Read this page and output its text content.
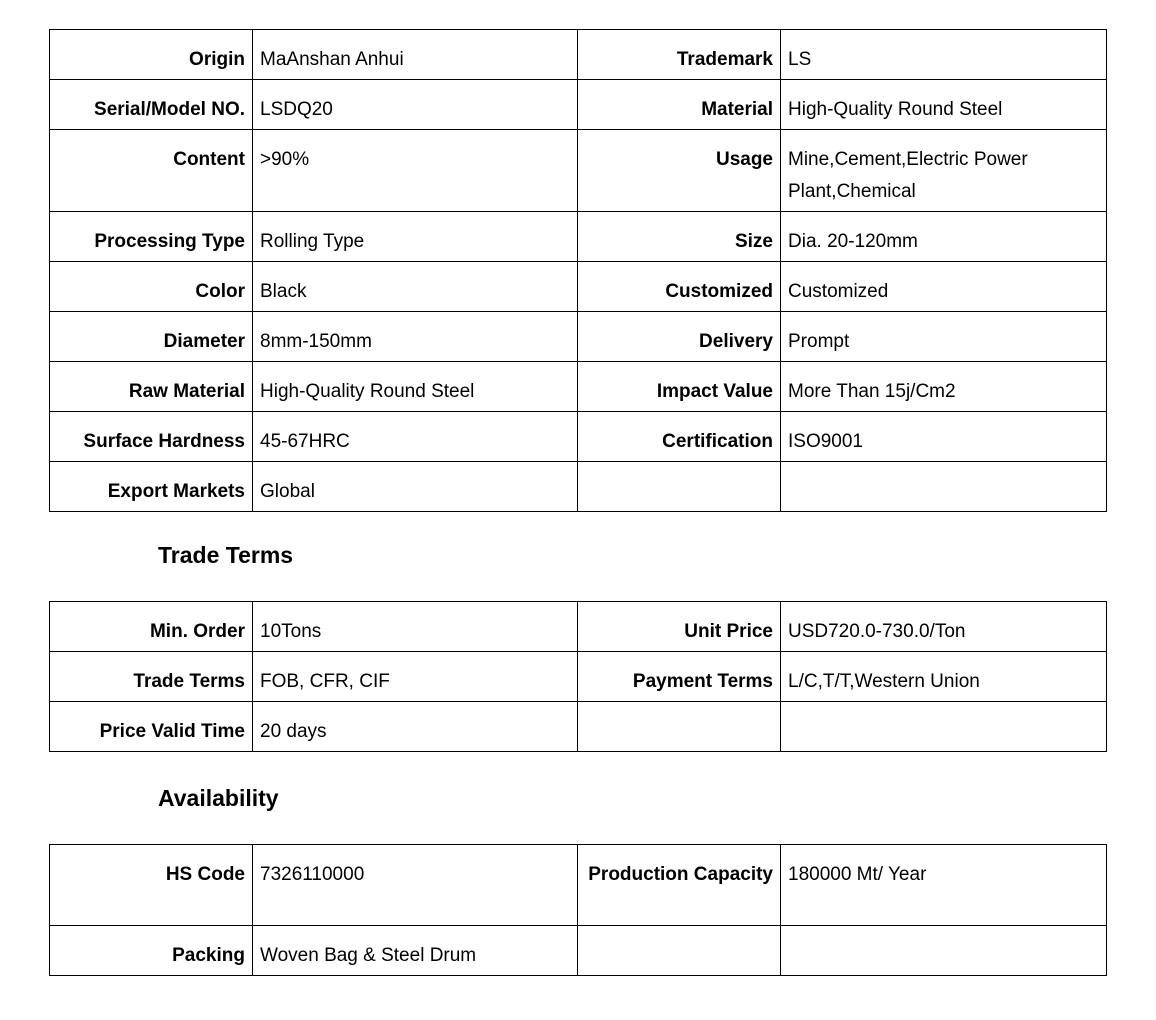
Origin	MaAnshan Anhui	Trademark	LS

Serial/Model NO.	LSDQ20	Material	High-Quality Round Steel

Content	>90%	Usage	Mine,Cement,Electric Power Plant,Chemical

Processing Type	Rolling Type	Size	Dia. 20-120mm

Color	Black	Customized	Customized

Diameter	8mm-150mm	Delivery	Prompt

Raw Material	High-Quality Round Steel	Impact Value	More Than 15j/Cm2

Surface Hardness	45-67HRC	Certification	ISO9001

Export Markets	Global		

Trade Terms
Min. Order	10Tons	Unit Price	USD720.0-730.0/Ton

Trade Terms	FOB, CFR, CIF	Payment Terms	L/C,T/T,Western Union

Price Valid Time	20 days		

Availability
HS Code	7326110000	Production Capacity	180000 Mt/ Year

Packing	Woven Bag & Steel Drum		
